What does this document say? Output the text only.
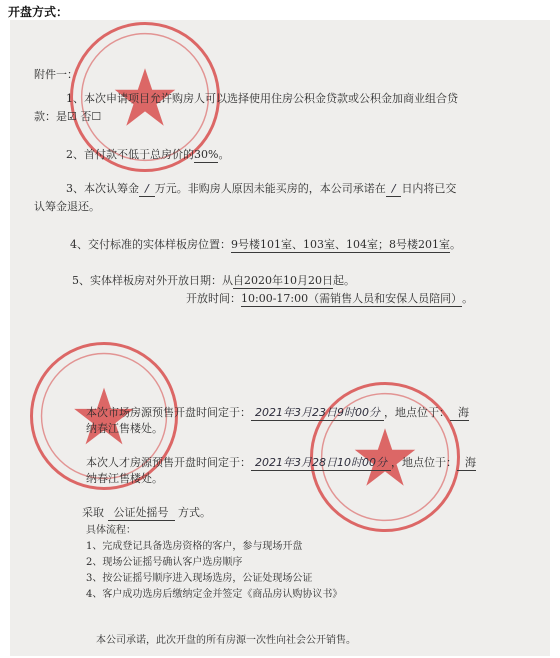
开盘方式：
附件一：
1、本次申请项目允许购房人可以选择使用住房公积金贷款或公积金加商业组合贷
款：是☑ 否☐
2、首付款不低于总房价的30%。
3、本次认筹金 / 万元。非购房人原因未能买房的，本公司承诺在 / 日内将已交
认筹金退还。
4、交付标准的实体样板房位置：9号楼101室、103室、104室；8号楼201室。
5、实体样板房对外开放日期：从自2020年10月20日起。
开放时间：10:00-17:00（需销售人员和安保人员陪同）。
本次市场房源预售开盘时间定于： 2021年3月23日9时00分 ，地点位于： 海
纳春江售楼处。
本次人才房源预售开盘时间定于： 2021年3月28日10时00分 ，地点位于： 海
纳春江售楼处。
采取 公证处摇号 方式。
具体流程：
1、完成登记具备选房资格的客户，参与现场开盘
2、现场公证摇号确认客户选房顺序
3、按公证摇号顺序进入现场选房，公证处现场公证
4、客户成功选房后缴纳定金并签定《商品房认购协议书》
本公司承诺，此次开盘的所有房源一次性向社会公开销售。
